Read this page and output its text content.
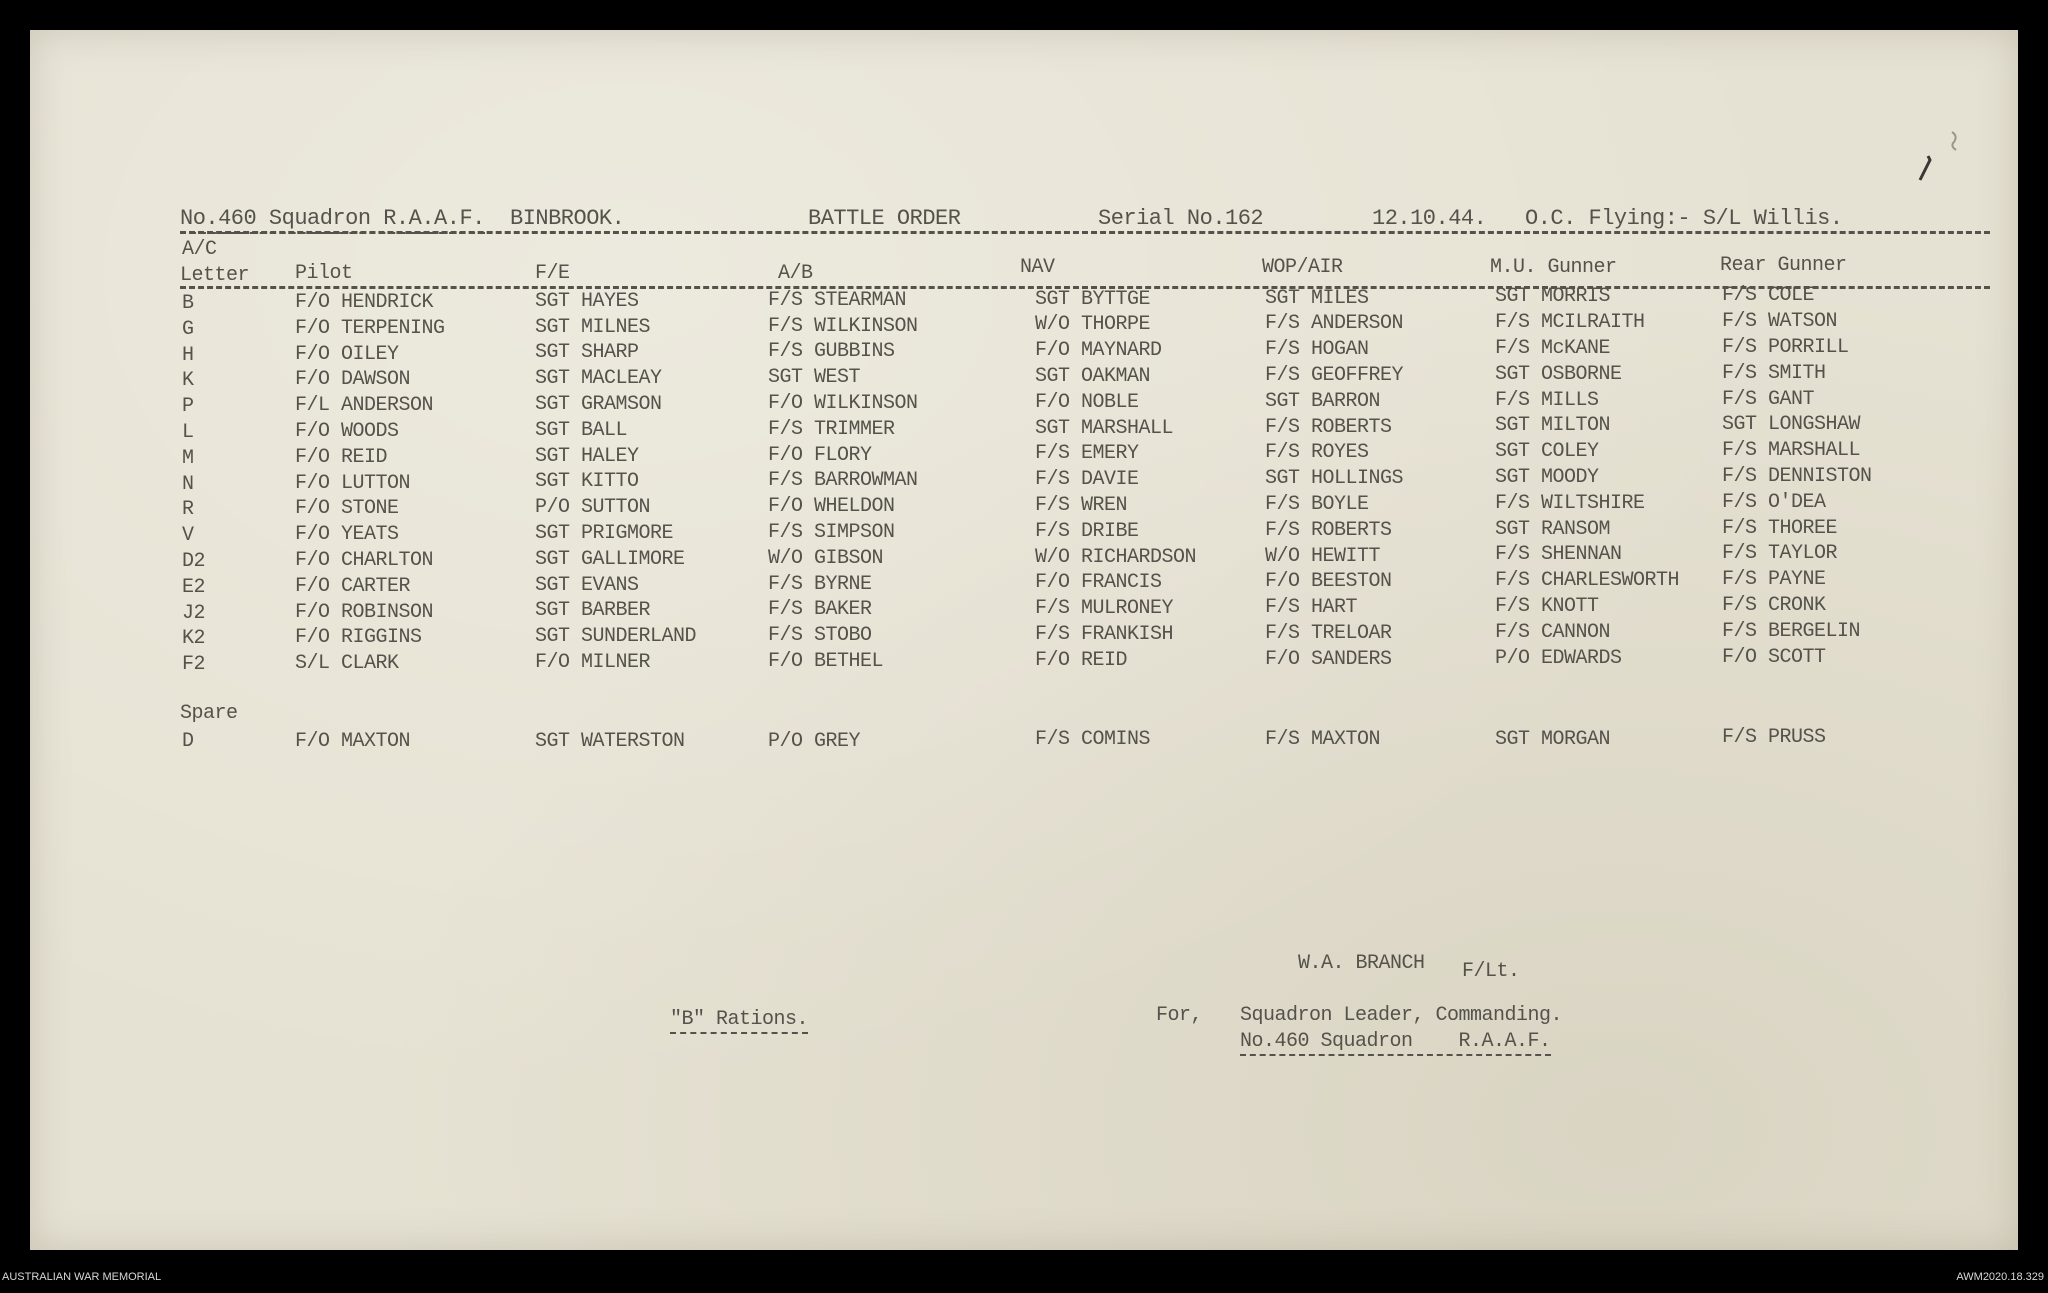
No.460 Squadron R.A.A.F. BINBROOK.	BATTLE ORDER	Serial No.162	12.10.44. O.C. Flying:- S/L Willis.
A/C
Letter Pilot	F/E	A/B	NAV	WOP/AIR	M.U. Gunner	Rear Gunner
B	F/O HENDRICK	SGT HAYES	F/S STEARMAN	SGT BYTTGE	SGT MILES	SGT MORRIS	F/S COLE
G	F/O TERPENING	SGT MILNES	F/S WILKINSON	W/O THORPE	F/S ANDERSON	F/S MCILRAITH	F/S WATSON
H	F/O OILEY	SGT SHARP	F/S GUBBINS	F/O MAYNARD	F/S HOGAN	F/S McKANE	F/S PORRILL
K	F/O DAWSON	SGT MACLEAY	SGT WEST	SGT OAKMAN	F/S GEOFFREY	SGT OSBORNE	F/S SMITH
P	F/L ANDERSON	SGT GRAMSON	F/O WILKINSON	F/O NOBLE	SGT BARRON	F/S MILLS	F/S GANT
L	F/O WOODS	SGT BALL	F/S TRIMMER	SGT MARSHALL	F/S ROBERTS	SGT MILTON	SGT LONGSHAW
M	F/O REID	SGT HALEY	F/O FLORY	F/S EMERY	F/S ROYES	SGT COLEY	F/S MARSHALL
N	F/O LUTTON	SGT KITTO	F/S BARROWMAN	F/S DAVIE	SGT HOLLINGS	SGT MOODY	F/S DENNISTON
R	F/O STONE	P/O SUTTON	F/O WHELDON	F/S WREN	F/S BOYLE	F/S WILTSHIRE	F/S O'DEA
V	F/O YEATS	SGT PRIGMORE	F/S SIMPSON	F/S DRIBE	F/S ROBERTS	SGT RANSOM	F/S THOREE
D2	F/O CHARLTON	SGT GALLIMORE	W/O GIBSON	W/O RICHARDSON	W/O HEWITT	F/S SHENNAN	F/S TAYLOR
E2	F/O CARTER	SGT EVANS	F/S BYRNE	F/O FRANCIS	F/O BEESTON	F/S CHARLESWORTH F/S PAYNE
J2	F/O ROBINSON	SGT BARBER	F/S BAKER	F/S MULRONEY	F/S HART	F/S KNOTT	F/S CRONK
K2	F/O RIGGINS	SGT SUNDERLAND	F/S STOBO	F/S FRANKISH	F/S TRELOAR	F/S CANNON	F/S BERGELIN
F2	S/L CLARK	F/O MILNER	F/O BETHEL	F/O REID	F/O SANDERS	P/O EDWARDS	F/O SCOTT
Spare
D	F/O MAXTON	SGT WATERSTON	P/O GREY	F/S COMINS	F/S MAXTON	SGT MORGAN	F/S PRUSS
W.A. BRANCH F/Lt.
For, Squadron Leader, Commanding.
No.460 Squadron    R.A.A.F.
"B" Rations.
AUSTRALIAN WAR MEMORIAL	AWM2020.18.329
